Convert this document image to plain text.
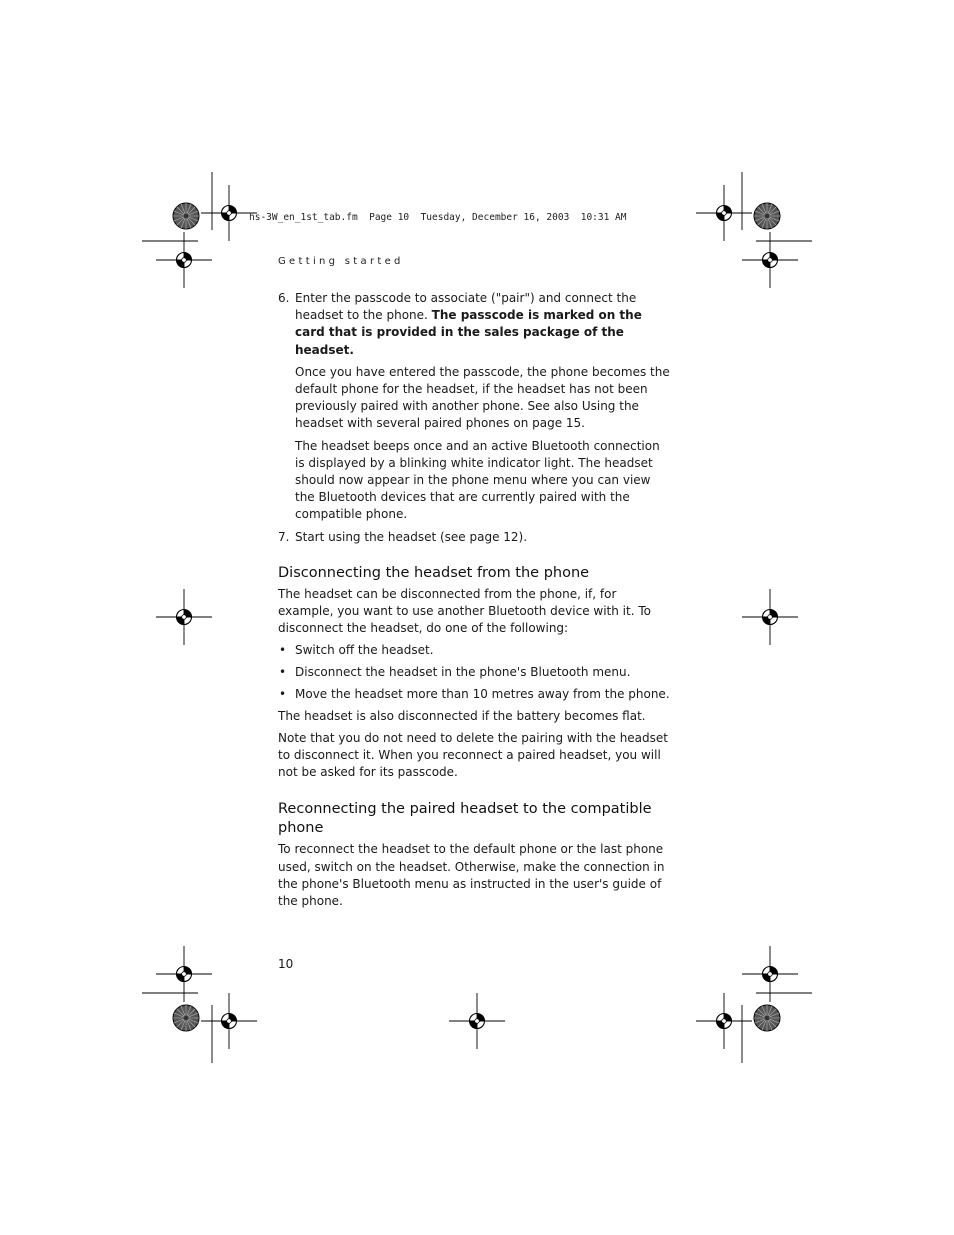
hs-3W_en_1st_tab.fm  Page 10  Tuesday, December 16, 2003  10:31 AM
Getting started
6. Enter the passcode to associate ("pair") and connect the headset to the phone. The passcode is marked on the card that is provided in the sales package of the headset.

Once you have entered the passcode, the phone becomes the default phone for the headset, if the headset has not been previously paired with another phone. See also Using the headset with several paired phones on page 15.

The headset beeps once and an active Bluetooth connection is displayed by a blinking white indicator light. The headset should now appear in the phone menu where you can view the Bluetooth devices that are currently paired with the compatible phone.

7. Start using the headset (see page 12).
Disconnecting the headset from the phone

The headset can be disconnected from the phone, if, for example, you want to use another Bluetooth device with it. To disconnect the headset, do one of the following:

• Switch off the headset.
• Disconnect the headset in the phone's Bluetooth menu.
• Move the headset more than 10 metres away from the phone.

The headset is also disconnected if the battery becomes flat.

Note that you do not need to delete the pairing with the headset to disconnect it. When you reconnect a paired headset, you will not be asked for its passcode.

Reconnecting the paired headset to the compatible phone

To reconnect the headset to the default phone or the last phone used, switch on the headset. Otherwise, make the connection in the phone's Bluetooth menu as instructed in the user's guide of the phone.

10
